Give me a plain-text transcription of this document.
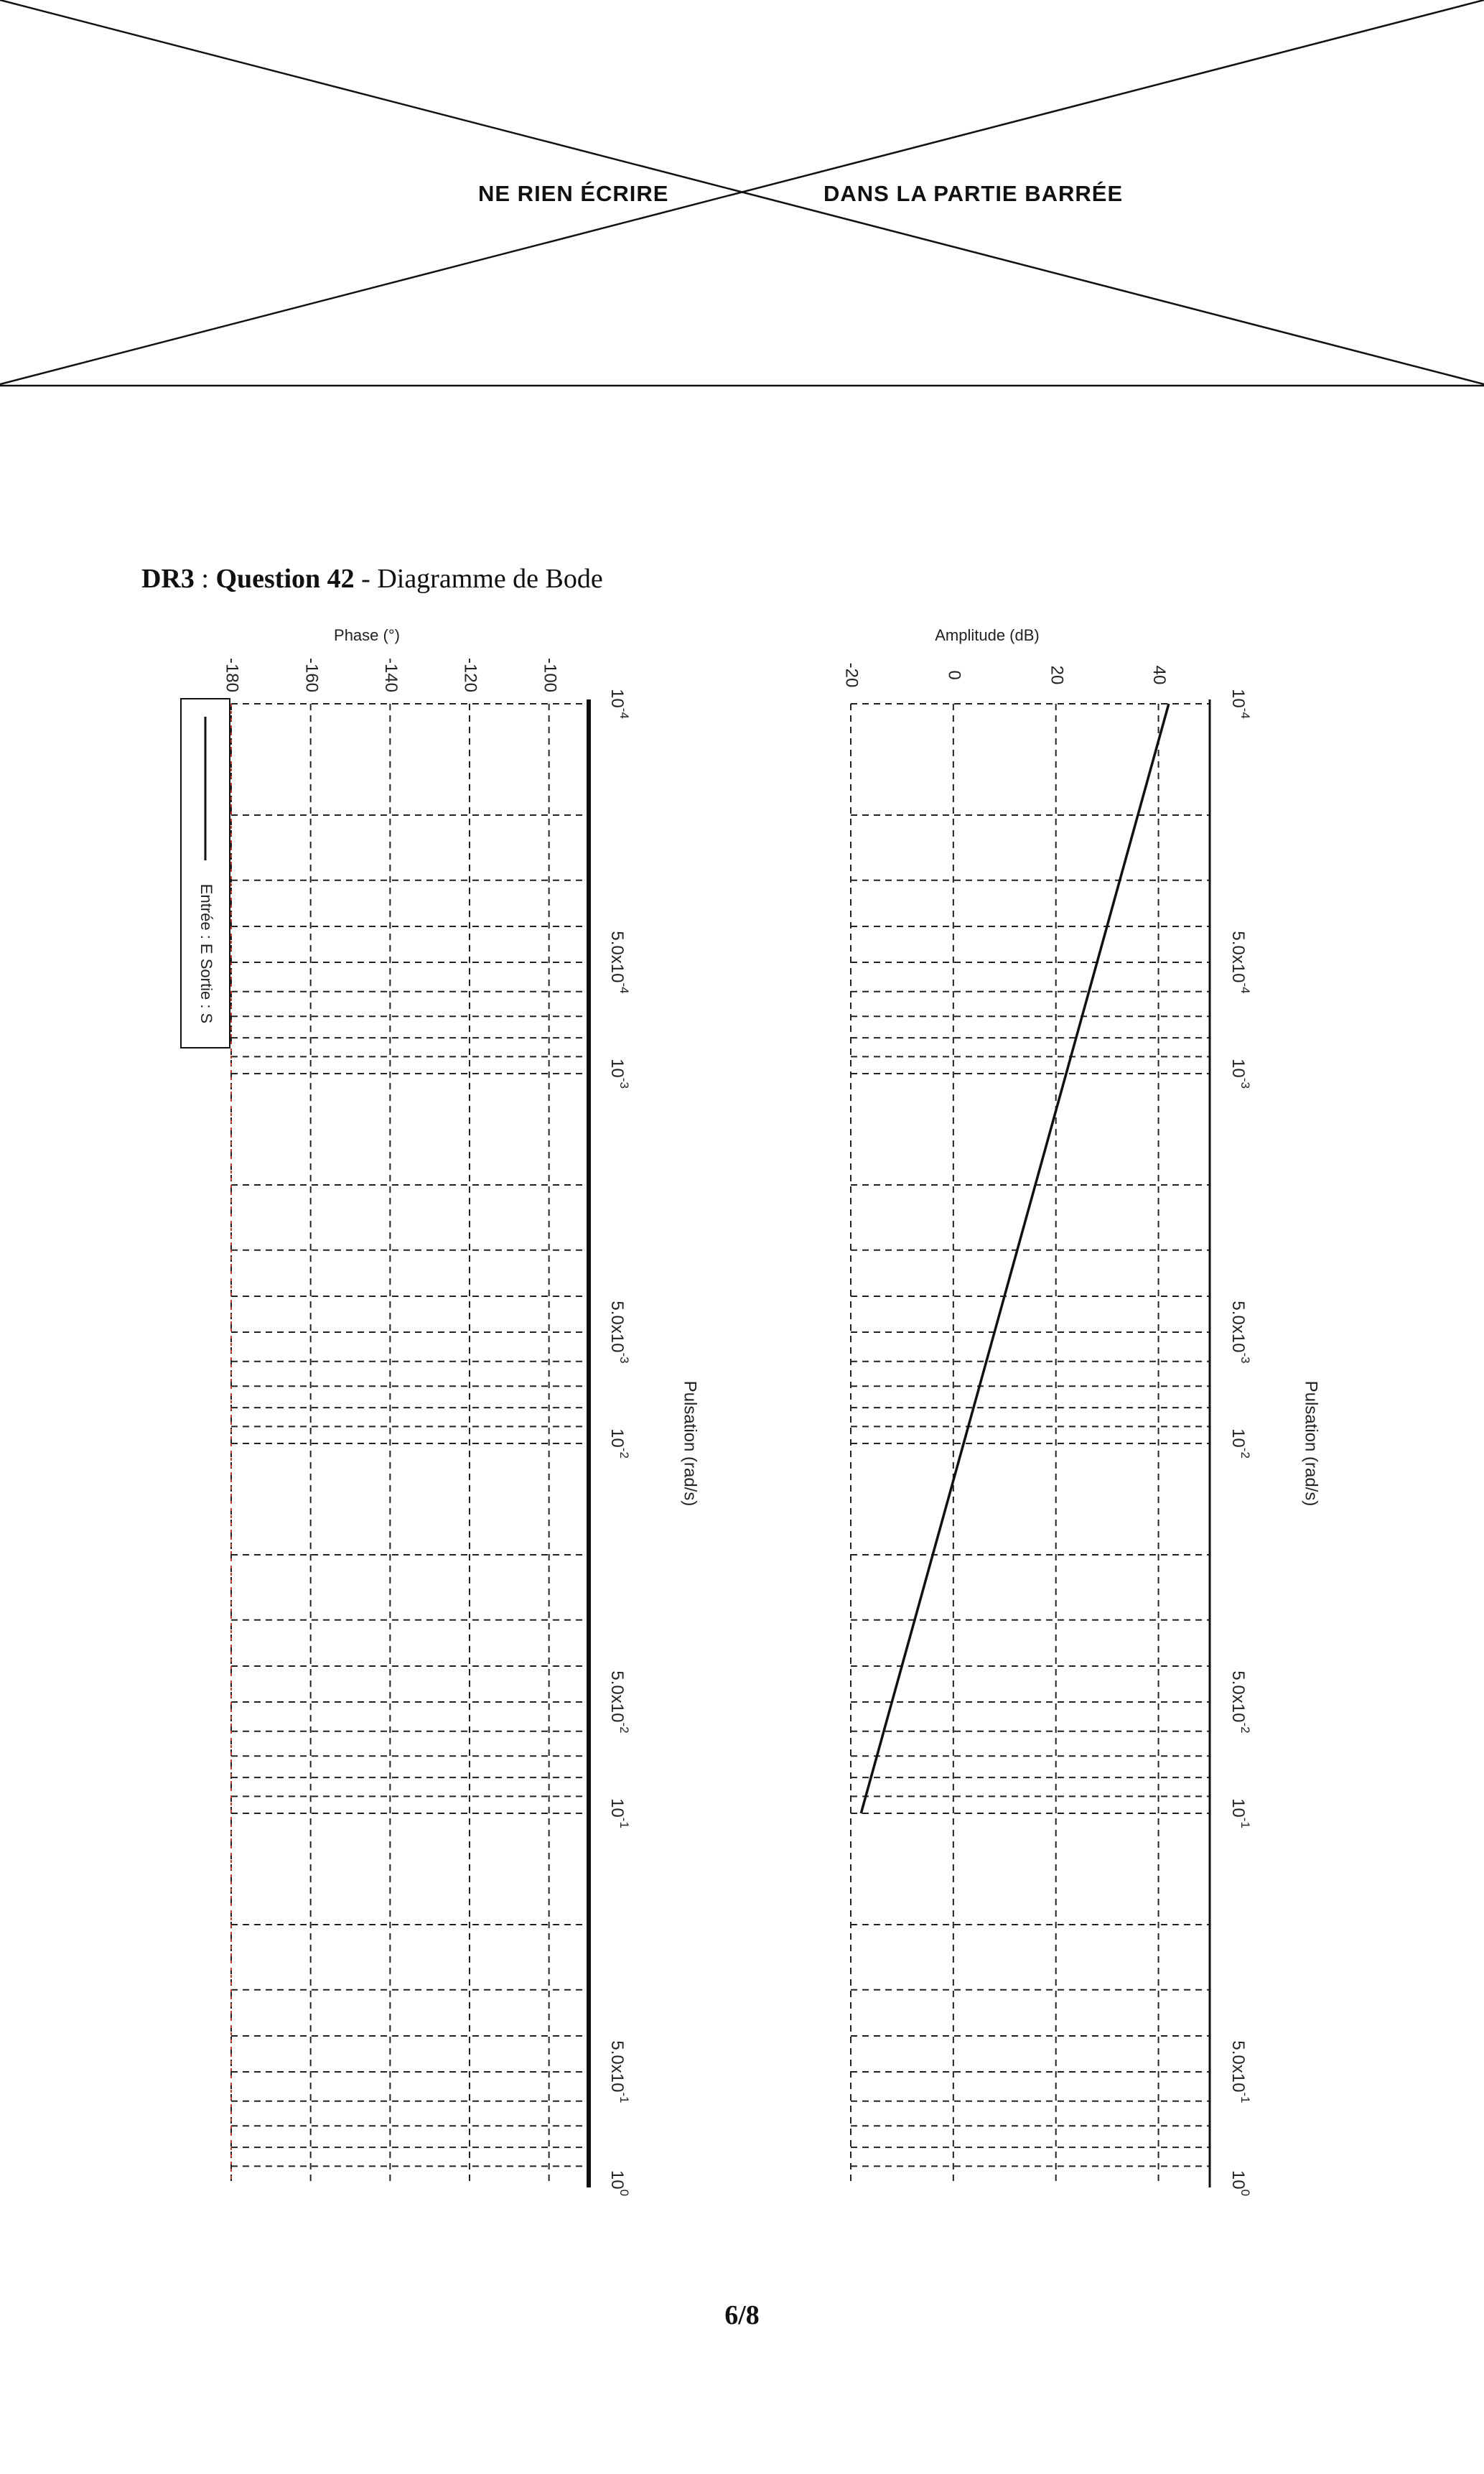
NE RIEN ÉCRIRE	DANS LA PARTIE BARRÉE
DR3 : Question 42 - Diagramme de Bode
-180	-160	-140	-120	-100
Phase (°)
$10^{-4}$
$5.0x10^{-4}$
$10^{-3}$
$5.0x10^{-3}$
$10^{-2}$
$5.0x10^{-2}$
$10^{-1}$
$5.0x10^{-1}$
$10^0$
Pulsation (rad/s)
Entrée : E Sortie : S
-20	0	20	40
Amplitude (dB)
$10^{-4}$
$5.0x10^{-4}$
$10^{-3}$
$5.0x10^{-3}$
$10^{-2}$
$5.0x10^{-2}$
$10^{-1}$
$5.0x10^{-1}$
$10^0$
Pulsation (rad/s)
6/8
